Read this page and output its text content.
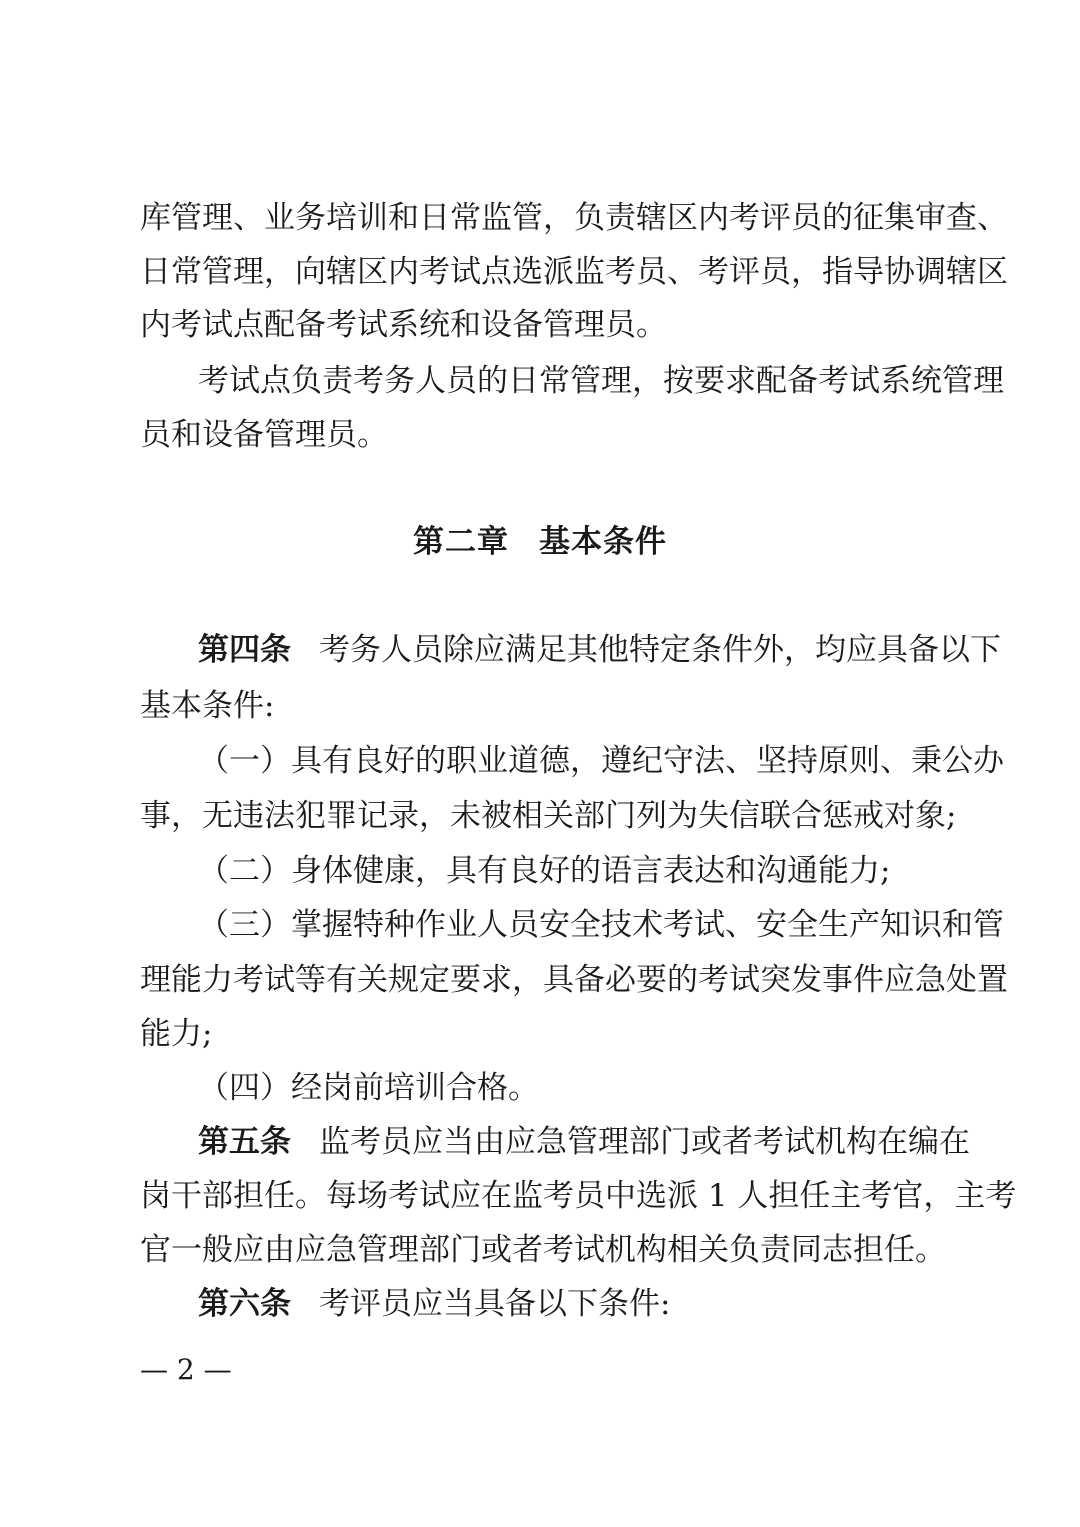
库管理、业务培训和日常监管，负责辖区内考评员的征集审查、
日常管理，向辖区内考试点选派监考员、考评员，指导协调辖区
内考试点配备考试系统和设备管理员。
考试点负责考务人员的日常管理，按要求配备考试系统管理
员和设备管理员。
第二章 基本条件
第四条 考务人员除应满足其他特定条件外，均应具备以下
基本条件:
（一）具有良好的职业道德，遵纪守法、坚持原则、秉公办
事，无违法犯罪记录，未被相关部门列为失信联合惩戒对象;
（二）身体健康，具有良好的语言表达和沟通能力;
（三）掌握特种作业人员安全技术考试、安全生产知识和管
理能力考试等有关规定要求，具备必要的考试突发事件应急处置
能力;
（四）经岗前培训合格。
第五条 监考员应当由应急管理部门或者考试机构在编在
岗干部担任。每场考试应在监考员中选派 1 人担任主考官，主考
官一般应由应急管理部门或者考试机构相关负责同志担任。
第六条 考评员应当具备以下条件:
— 2 —
